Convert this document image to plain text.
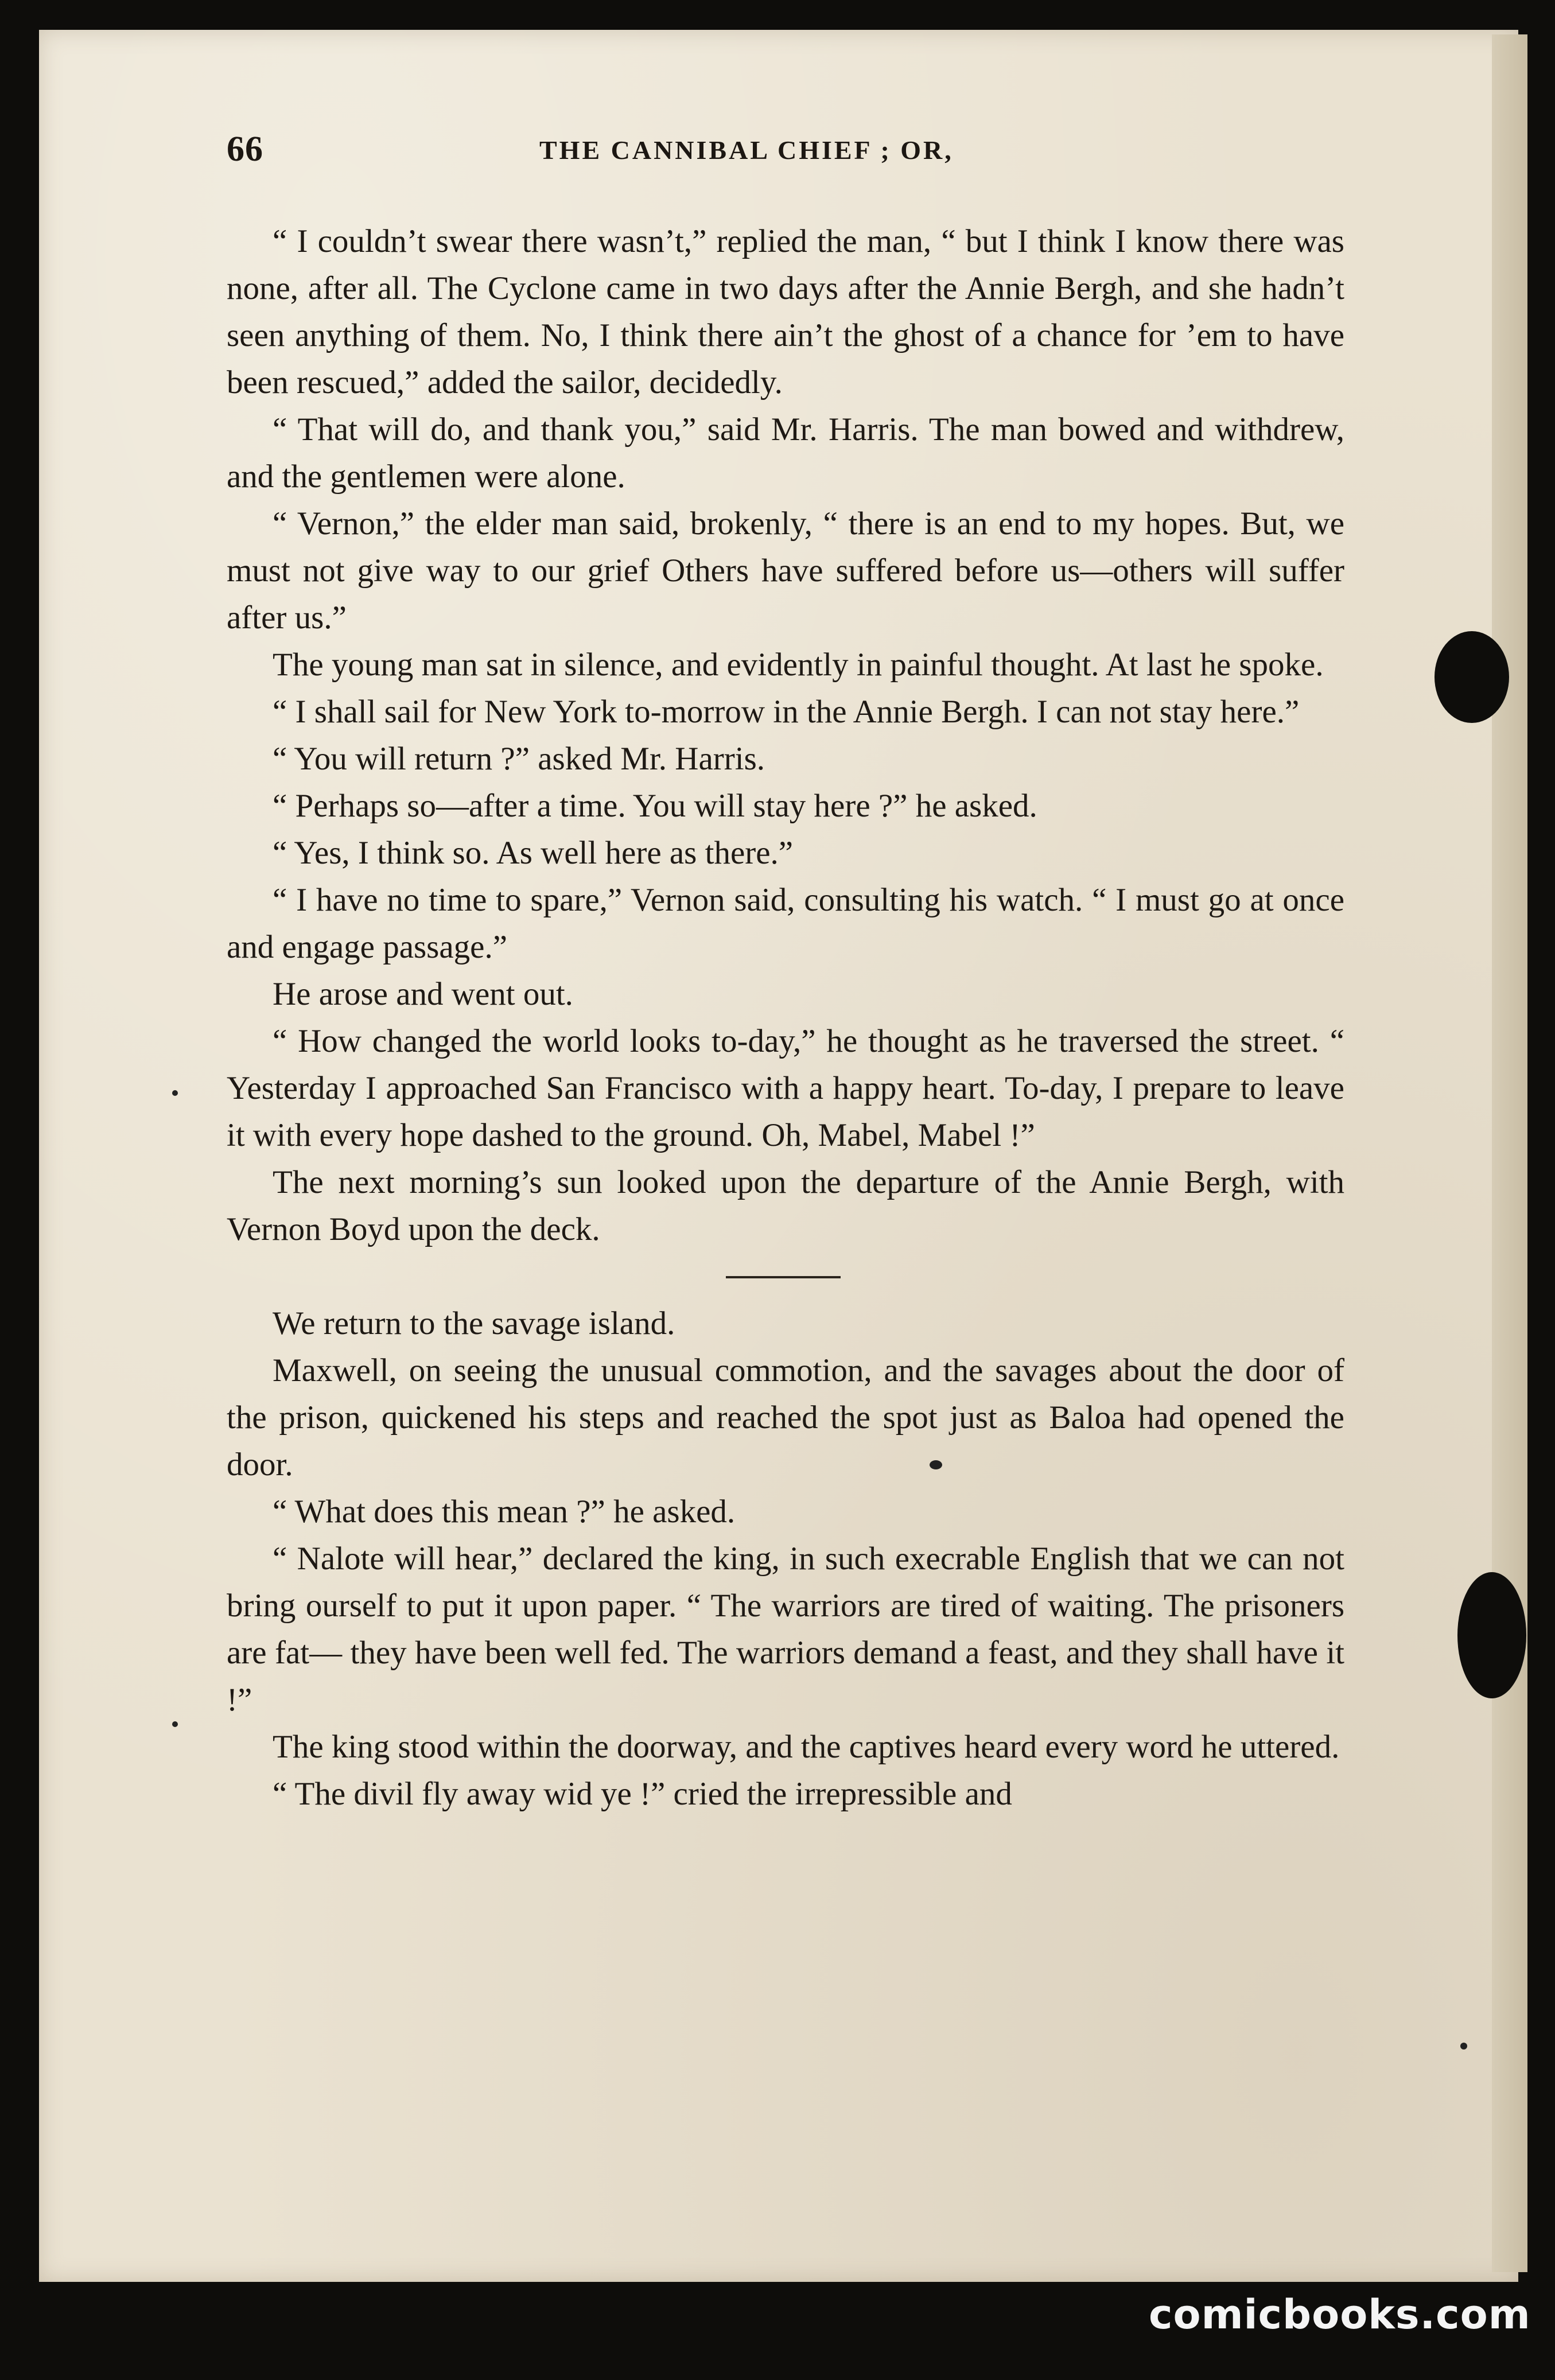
66	THE CANNIBAL CHIEF ; OR,

“ I couldn’t swear there wasn’t,” replied the man, “ but I think I know there was none, after all. The Cyclone came in two days after the Annie Bergh, and she hadn’t seen anything of them. No, I think there ain’t the ghost of a chance for ’em to have been rescued,” added the sailor, decidedly.

“ That will do, and thank you,” said Mr. Harris. The man bowed and withdrew, and the gentlemen were alone.

“ Vernon,” the elder man said, brokenly, “ there is an end to my hopes. But, we must not give way to our grief Others have suffered before us—others will suffer after us.”

The young man sat in silence, and evidently in painful thought. At last he spoke.

“ I shall sail for New York to-morrow in the Annie Bergh. I can not stay here.”

“ You will return ?” asked Mr. Harris.

“ Perhaps so—after a time. You will stay here ?” he asked.

“ Yes, I think so. As well here as there.”

“ I have no time to spare,” Vernon said, consulting his watch. “ I must go at once and engage passage.”

He arose and went out.

“ How changed the world looks to-day,” he thought as he traversed the street. “ Yesterday I approached San Francisco with a happy heart. To-day, I prepare to leave it with every hope dashed to the ground. Oh, Mabel, Mabel !”

The next morning’s sun looked upon the departure of the Annie Bergh, with Vernon Boyd upon the deck.

We return to the savage island.

Maxwell, on seeing the unusual commotion, and the savages about the door of the prison, quickened his steps and reached the spot just as Baloa had opened the door.

“ What does this mean ?” he asked.

“ Nalote will hear,” declared the king, in such execrable English that we can not bring ourself to put it upon paper. “ The warriors are tired of waiting. The prisoners are fat— they have been well fed. The warriors demand a feast, and they shall have it !”

The king stood within the doorway, and the captives heard every word he uttered.

“ The divil fly away wid ye !” cried the irrepressible and

comicbooks.com
